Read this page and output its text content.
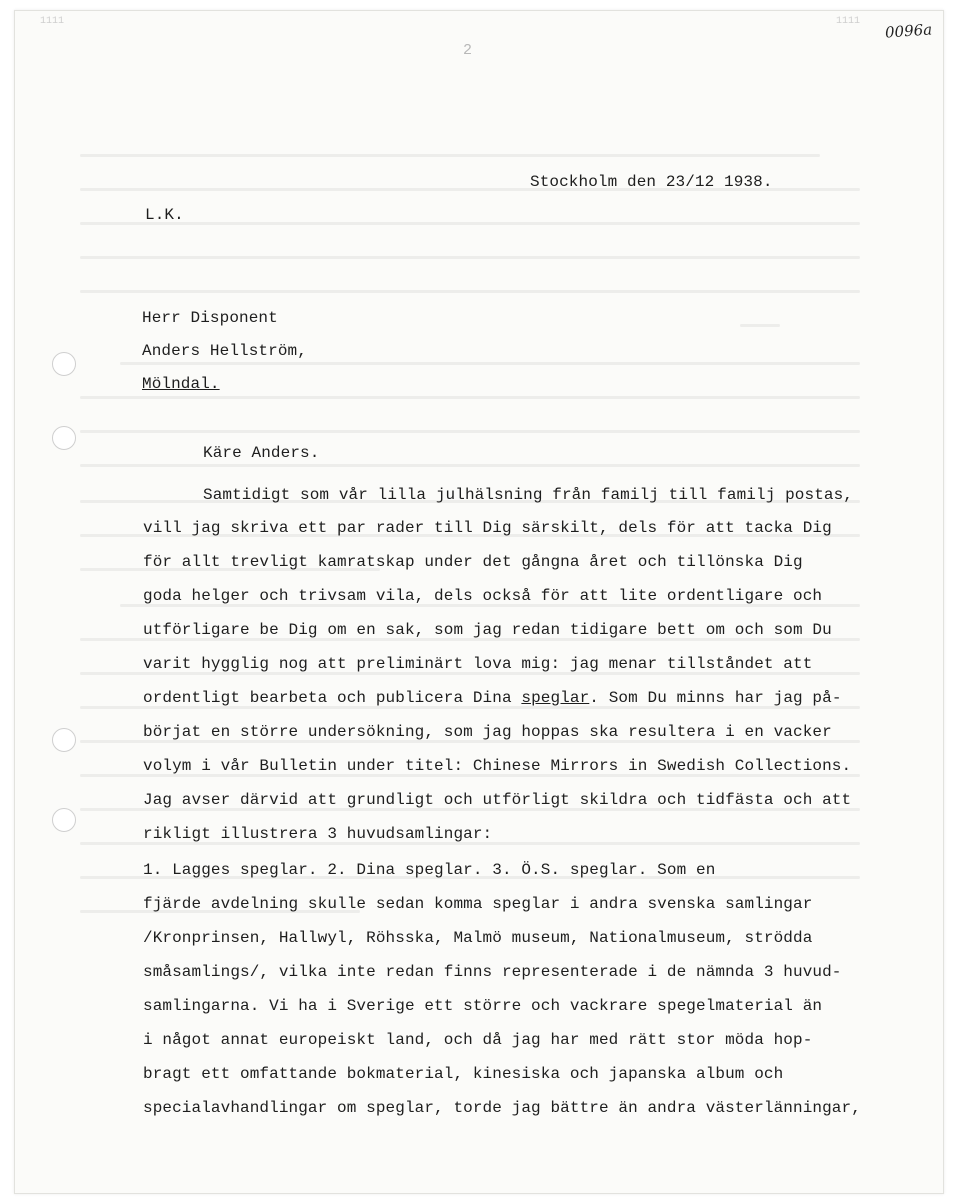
1111	1111 0096a
2
Stockholm den 23/12 1938.
L.K.
Herr Disponent
Anders Hellström,
Mölndal.
Käre Anders.
Samtidigt som vår lilla julhälsning från familj till familj postas,
vill jag skriva ett par rader till Dig särskilt, dels för att tacka Dig
för allt trevligt kamratskap under det gångna året och tillönska Dig
goda helger och trivsam vila, dels också för att lite ordentligare och
utförligare be Dig om en sak, som jag redan tidigare bett om och som Du
varit hygglig nog att preliminärt lova mig: jag menar tillståndet att
ordentligt bearbeta och publicera Dina speglar. Som Du minns har jag på-
börjat en större undersökning, som jag hoppas ska resultera i en vacker
volym i vår Bulletin under titel: Chinese Mirrors in Swedish Collections.
Jag avser därvid att grundligt och utförligt skildra och tidfästa och att
rikligt illustrera 3 huvudsamlingar:
1. Lagges speglar. 2. Dina speglar. 3. Ö.S. speglar. Som en
fjärde avdelning skulle sedan komma speglar i andra svenska samlingar
/Kronprinsen, Hallwyl, Röhsska, Malmö museum, Nationalmuseum, strödda
småsamlings/, vilka inte redan finns representerade i de nämnda 3 huvud-
samlingarna. Vi ha i Sverige ett större och vackrare spegelmaterial än
i något annat europeiskt land, och då jag har med rätt stor möda hop-
bragt ett omfattande bokmaterial, kinesiska och japanska album och
specialavhandlingar om speglar, torde jag bättre än andra västerlänningar,
